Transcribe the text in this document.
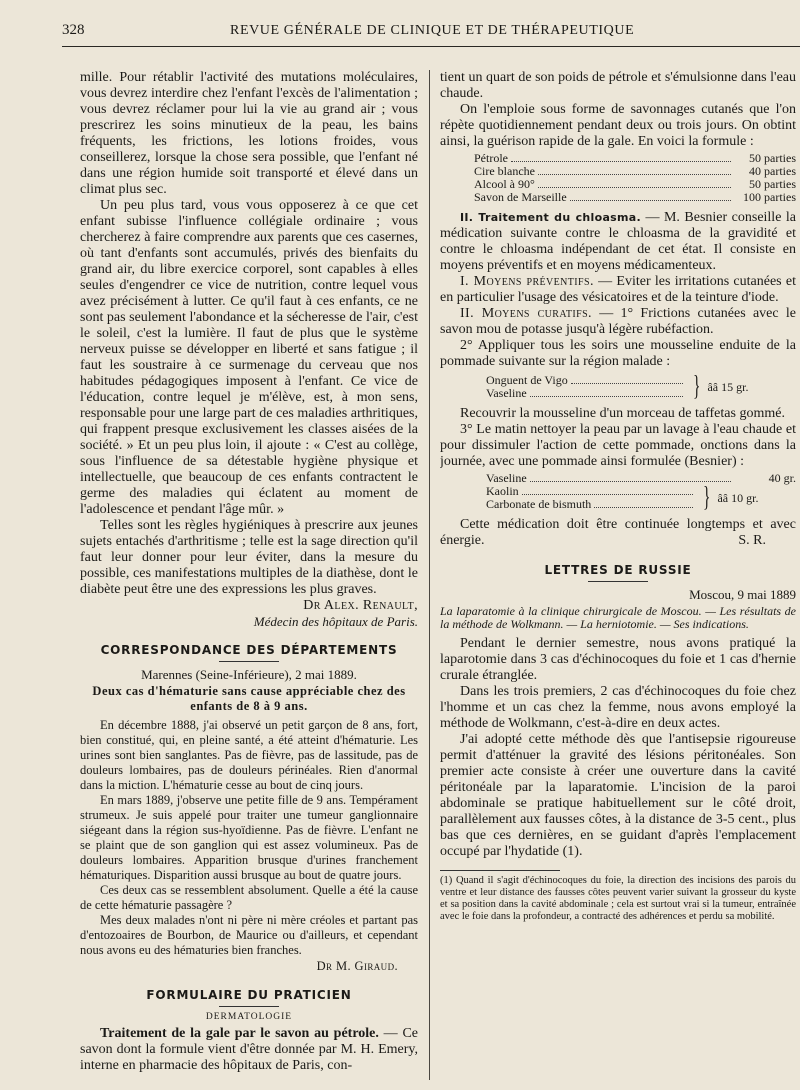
328	REVUE GÉNÉRALE DE CLINIQUE ET DE THÉRAPEUTIQUE

mille. Pour rétablir l'activité des mutations moléculaires, vous devrez interdire chez l'enfant l'excès de l'alimentation ; vous devrez réclamer pour lui la vie au grand air ; vous prescrirez les soins minutieux de la peau, les bains fréquents, les frictions, les lotions froides, vous conseillerez, lorsque la chose sera possible, que l'enfant né dans une région humide soit transporté et élevé dans un climat plus sec.

Un peu plus tard, vous vous opposerez à ce que cet enfant subisse l'influence collégiale ordinaire ; vous chercherez à faire comprendre aux parents que ces casernes, où tant d'enfants sont accumulés, privés des bienfaits du grand air, du libre exercice corporel, sont capables à elles seules d'engendrer ce vice de nutrition, contre lequel vous avez précisément à lutter. Ce qu'il faut à ces enfants, ce ne sont pas seulement l'abondance et la sécheresse de l'air, c'est le soleil, c'est la lumière. Il faut de plus que le système nerveux puisse se développer en liberté et sans fatigue ; il faut les soustraire à ce surmenage du cerveau que nos habitudes pédagogiques imposent à l'enfant. Ce vice de l'éducation, contre lequel je m'élève, est, à mon sens, responsable pour une large part de ces maladies arthritiques, qui frappent presque exclusivement les classes aisées de la société. » Et un peu plus loin, il ajoute : « C'est au collège, sous l'influence de sa détestable hygiène physique et intellectuelle, que beaucoup de ces enfants contractent le germe des maladies qui éclatent au moment de l'adolescence et pendant l'âge mûr. »

Telles sont les règles hygiéniques à prescrire aux jeunes sujets entachés d'arthritisme ; telle est la sage direction qu'il faut leur donner pour leur éviter, dans la mesure du possible, ces manifestations multiples de la diathèse, dont le diabète peut être une des expressions les plus graves.

Dr Alex. Renault,

Médecin des hôpitaux de Paris.

CORRESPONDANCE DES DÉPARTEMENTS

Marennes (Seine-Inférieure), 2 mai 1889.

Deux cas d'hématurie sans cause appréciable chez des enfants de 8 à 9 ans.

En décembre 1888, j'ai observé un petit garçon de 8 ans, fort, bien constitué, qui, en pleine santé, a été atteint d'hématurie. Les urines sont bien sanglantes. Pas de fièvre, pas de lassitude, pas de douleurs lombaires, pas de douleurs périnéales. Rien d'anormal dans la miction. L'hématurie cesse au bout de cinq jours.

En mars 1889, j'observe une petite fille de 9 ans. Tempérament strumeux. Je suis appelé pour traiter une tumeur ganglionnaire siégeant dans la région sus-hyoïdienne. Pas de fièvre. L'enfant ne se plaint que de son ganglion qui est assez volumineux. Pas de douleurs lombaires. Apparition brusque d'urines franchement hématuriques. Disparition aussi brusque au bout de quatre jours.

Ces deux cas se ressemblent absolument. Quelle a été la cause de cette hématurie passagère ?

Mes deux malades n'ont ni père ni mère créoles et partant pas d'entozoaires de Bourbon, de Maurice ou d'ailleurs, et cependant nous avons eu des hématuries bien franches.

Dr M. Giraud.

FORMULAIRE DU PRATICIEN
DERMATOLOGIE

Traitement de la gale par le savon au pétrole. — Ce savon dont la formule vient d'être donnée par M. H. Emery, interne en pharmacie des hôpitaux de Paris, con-

tient un quart de son poids de pétrole et s'émulsionne dans l'eau chaude.

On l'emploie sous forme de savonnages cutanés que l'on répète quotidiennement pendant deux ou trois jours. On obtint ainsi, la guérison rapide de la gale. En voici la formule :

Pétrole	50 parties
Cire blanche	40 parties
Alcool à 90°	50 parties
Savon de Marseille	100 parties

II. Traitement du chloasma. — M. Besnier conseille la médication suivante contre le chloasma de la gravidité et contre le chloasma indépendant de cet état. Il consiste en moyens préventifs et en moyens médicamenteux.

I. Moyens préventifs. — Eviter les irritations cutanées et en particulier l'usage des vésicatoires et de la teinture d'iode.

II. Moyens curatifs. — 1° Frictions cutanées avec le savon mou de potasse jusqu'à légère rubéfaction.

2° Appliquer tous les soirs une mousseline enduite de la pommade suivante sur la région malade :

Onguent de Vigo
Vaseline	} ââ 15 gr.

Recouvrir la mousseline d'un morceau de taffetas gommé.

3° Le matin nettoyer la peau par un lavage à l'eau chaude et pour dissimuler l'action de cette pommade, onctions dans la journée, avec une pommade ainsi formulée (Besnier) :

Vaseline	40 gr.
Kaolin
Carbonate de bismuth	} ââ 10 gr.

Cette médication doit être continuée longtemps et avec énergie.	S. R.

LETTRES DE RUSSIE

Moscou, 9 mai 1889

La laparatomie à la clinique chirurgicale de Moscou. — Les résultats de la méthode de Wolkmann. — La herniotomie. — Ses indications.

Pendant le dernier semestre, nous avons pratiqué la laparotomie dans 3 cas d'échinocoques du foie et 1 cas d'hernie crurale étranglée.

Dans les trois premiers, 2 cas d'échinocoques du foie chez l'homme et un cas chez la femme, nous avons employé la méthode de Wolkmann, c'est-à-dire en deux actes.

J'ai adopté cette méthode dès que l'antisepsie rigoureuse permit d'atténuer la gravité des lésions péritonéales. Son premier acte consiste à créer une ouverture dans la cavité péritonéale par la laparatomie. L'incision de la paroi abdominale se pratique habituellement sur le côté droit, parallèlement aux fausses côtes, à la distance de 3-5 cent., plus bas que ces dernières, en se guidant d'après l'emplacement occupé par l'hydatide (1).

(1) Quand il s'agit d'échinocoques du foie, la direction des incisions des parois du ventre et leur distance des fausses côtes peuvent varier suivant la grosseur du kyste et sa position dans la cavité abdominale ; cela est surtout vrai si la tumeur, entraînée avec le foie dans la profondeur, a contracté des adhérences et perdu sa mobilité.
